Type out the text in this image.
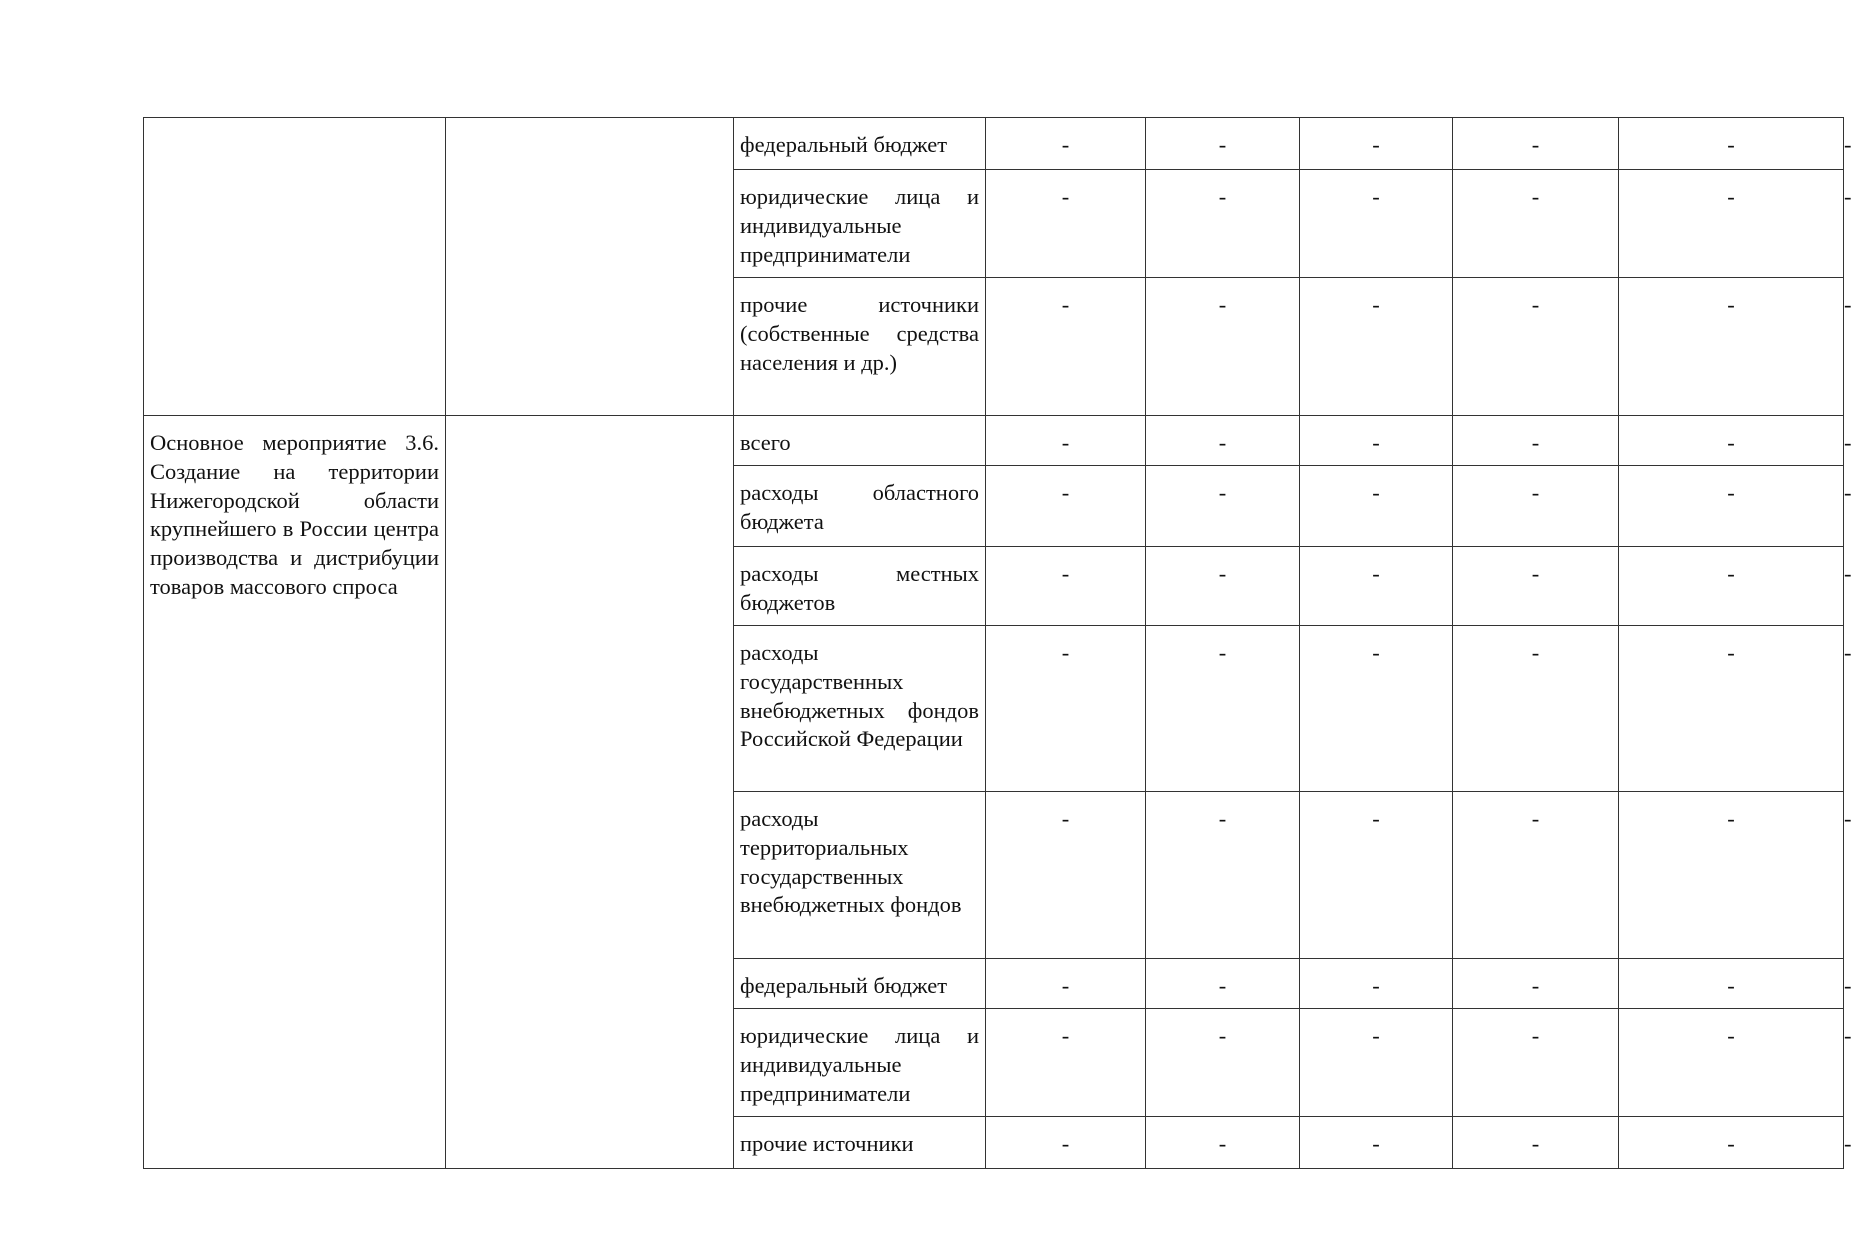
		федеральный бюджет	-	-	-	-	-	-

		юридические лица и индивидуальные предприниматели	-	-	-	-	-	-

		прочие источники (собственные средства населения и др.)	-	-	-	-	-	-

Основное мероприятие 3.6. Создание на территории Нижегородской области крупнейшего в России центра производства и дистрибуции товаров массового спроса		всего	-	-	-	-	-	-

		расходы областного бюджета	-	-	-	-	-	-

		расходы местных бюджетов	-	-	-	-	-	-

		расходы государственных внебюджетных фондов Российской Федерации	-	-	-	-	-	-

		расходы территориальных государственных внебюджетных фондов	-	-	-	-	-	-

		федеральный бюджет	-	-	-	-	-	-

		юридические лица и индивидуальные предприниматели	-	-	-	-	-	-

		прочие источники	-	-	-	-	-	-
